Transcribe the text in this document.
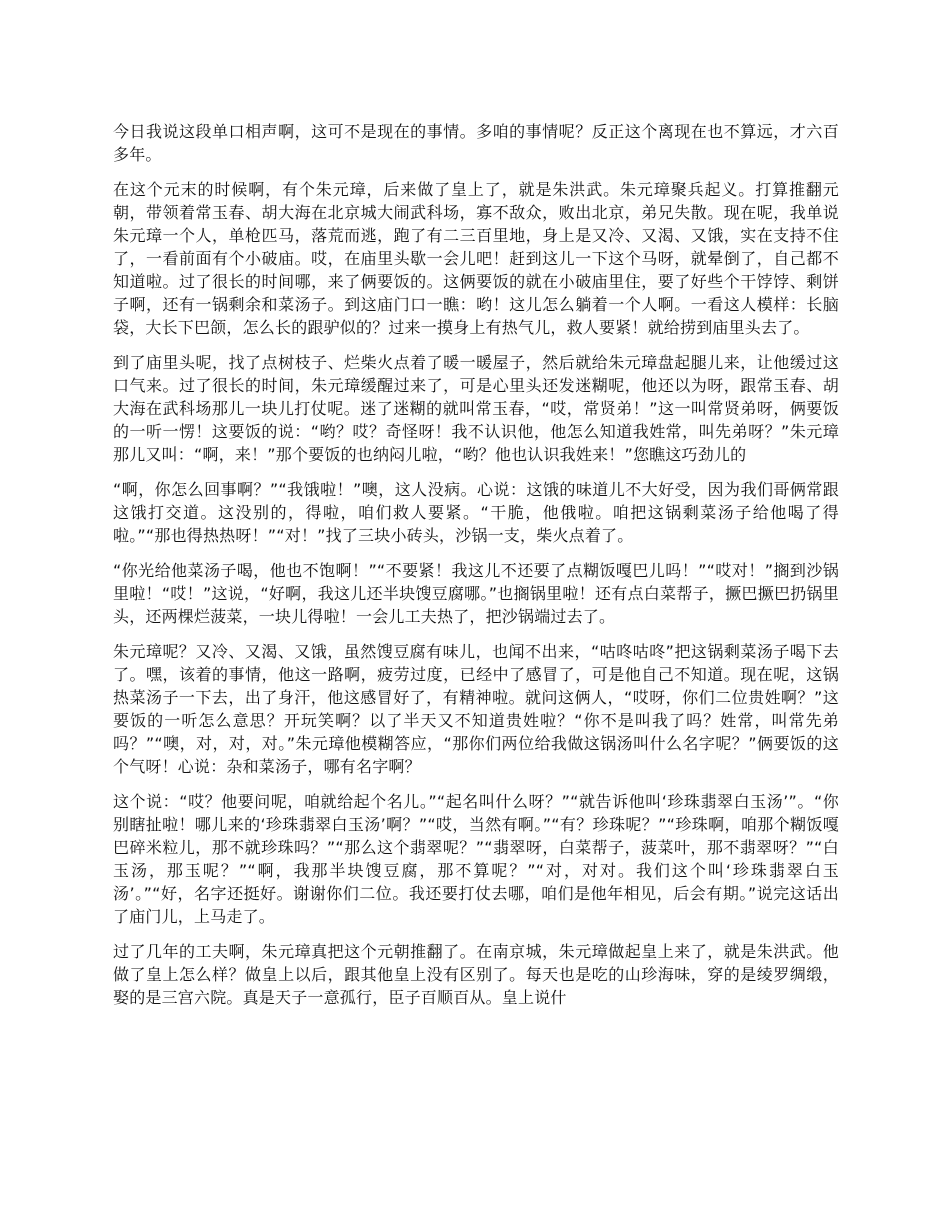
今日我说这段单口相声啊，这可不是现在的事情。多咱的事情呢？反正这个离现在也不算远，才六百多年。

在这个元末的时候啊，有个朱元璋，后来做了皇上了，就是朱洪武。朱元璋聚兵起义。打算推翻元朝，带领着常玉春、胡大海在北京城大闹武科场，寡不敌众，败出北京，弟兄失散。现在呢，我单说朱元璋一个人，单枪匹马，落荒而逃，跑了有二三百里地，身上是又冷、又渴、又饿，实在支持不住了，一看前面有个小破庙。哎，在庙里头歇一会儿吧！赶到这儿一下这个马呀，就晕倒了，自己都不知道啦。过了很长的时间哪，来了俩要饭的。这俩要饭的就在小破庙里住，要了好些个干饽饽、剩饼子啊，还有一锅剩余和菜汤子。到这庙门口一瞧：哟！这儿怎么躺着一个人啊。一看这人模样：长脑袋，大长下巴颌，怎么长的跟驴似的？过来一摸身上有热气儿，救人要紧！就给捞到庙里头去了。

到了庙里头呢，找了点树枝子、烂柴火点着了暖一暖屋子，然后就给朱元璋盘起腿儿来，让他缓过这口气来。过了很长的时间，朱元璋缓醒过来了，可是心里头还发迷糊呢，他还以为呀，跟常玉春、胡大海在武科场那儿一块儿打仗呢。迷了迷糊的就叫常玉春，“哎，常贤弟！”这一叫常贤弟呀，俩要饭的一听一愣！这要饭的说：“哟？哎？奇怪呀！我不认识他，他怎么知道我姓常，叫先弟呀？”朱元璋那儿又叫：“啊，来！”那个要饭的也纳闷儿啦，“哟？他也认识我姓来！”您瞧这巧劲儿的

“啊，你怎么回事啊？”“我饿啦！”噢，这人没病。心说：这饿的味道儿不大好受，因为我们哥俩常跟这饿打交道。这没别的，得啦，咱们救人要紧。“干脆，他俄啦。咱把这锅剩菜汤子给他喝了得啦。”“那也得热热呀！”“对！”找了三块小砖头，沙锅一支，柴火点着了。

“你光给他菜汤子喝，他也不饱啊！”“不要紧！我这儿不还要了点糊饭嘎巴儿吗！”“哎对！”搁到沙锅里啦！“哎！”这说，“好啊，我这儿还半块馊豆腐哪。”也搁锅里啦！还有点白菜帮子，撅巴撅巴扔锅里头，还两棵烂菠菜，一块儿得啦！一会儿工夫热了，把沙锅端过去了。

朱元璋呢？又冷、又渴、又饿，虽然馊豆腐有味儿，也闻不出来，“咕咚咕咚”把这锅剩菜汤子喝下去了。嘿，该着的事情，他这一路啊，疲劳过度，已经中了感冒了，可是他自己不知道。现在呢，这锅热菜汤子一下去，出了身汗，他这感冒好了，有精神啦。就问这俩人，“哎呀，你们二位贵姓啊？”这要饭的一听怎么意思？开玩笑啊？以了半天又不知道贵姓啦？“你不是叫我了吗？姓常，叫常先弟吗？”“噢，对，对，对。”朱元璋他模糊答应，“那你们两位给我做这锅汤叫什么名字呢？”俩要饭的这个气呀！心说：杂和菜汤子，哪有名字啊？

这个说：“哎？他要问呢，咱就给起个名儿。”“起名叫什么呀？”“就告诉他叫‘珍珠翡翠白玉汤’”。“你别瞎扯啦！哪儿来的‘珍珠翡翠白玉汤’啊？”“哎，当然有啊。”“有？珍珠呢？”“珍珠啊，咱那个糊饭嘎巴碎米粒儿，那不就珍珠吗？”“那么这个翡翠呢？”“翡翠呀，白菜帮子，菠菜叶，那不翡翠呀？”“白玉汤，那玉呢？”“啊，我那半块馊豆腐，那不算呢？”“对，对对。我们这个叫‘珍珠翡翠白玉汤’。”“好，名字还挺好。谢谢你们二位。我还要打仗去哪，咱们是他年相见，后会有期。”说完这话出了庙门儿，上马走了。

过了几年的工夫啊，朱元璋真把这个元朝推翻了。在南京城，朱元璋做起皇上来了，就是朱洪武。他做了皇上怎么样？做皇上以后，跟其他皇上没有区别了。每天也是吃的山珍海味，穿的是绫罗绸缎，娶的是三宫六院。真是天子一意孤行，臣子百顺百从。皇上说什
